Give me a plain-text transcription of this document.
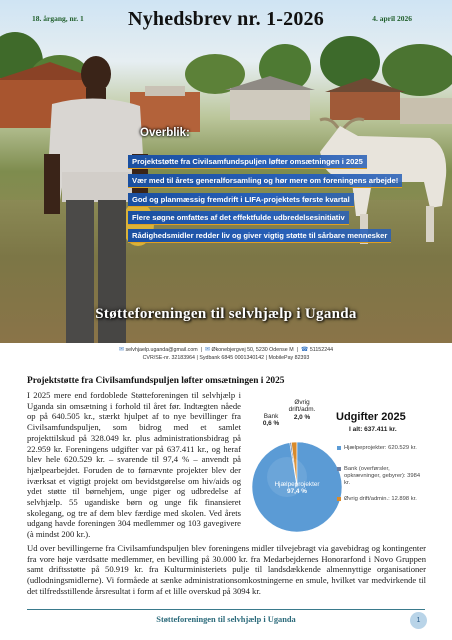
18. årgang, nr. 1	Nyhedsbrev nr. 1-2026	4. april 2026
Overblik:
Projektstøtte fra Civilsamfundspuljen løfter omsætningen i 2025
Vær med til årets generalforsamling og hør mere om foreningens arbejde!
God og planmæssig fremdrift i LIFA-projektets første kvartal
Flere søgne omfattes af det effektfulde udbredelsesinitiativ
Rådighedsmidler redder liv og giver vigtig støtte til sårbare mennesker
Støtteforeningen til selvhjælp i Uganda
✉ selvhjaelp.uganda@gmail.com  |  ✉ Økonebjergvej 50, 5230 Odense M  |  ☎ 51152244
CVR/SE-nr. 32183964 | Sydbank 6845 0001340142 | MobilePay 82393
Projektstøtte fra Civilsamfundspuljen løfter omsætningen i 2025
I 2025 mere end fordoblede Støtteforeningen til selvhjælp i Uganda sin omsætning i forhold til året før. Indtægten nåede op på 640.505 kr., stærkt hjulpet af to nye bevillinger fra Civilsamfundspuljen, som bidrog med et samlet projekttilskud på 328.049 kr. plus administrationsbidrag på 22.959 kr. Foreningens udgifter var på 637.411 kr., og heraf blev hele 620.529 kr. – svarende til 97,4 % – anvendt på hjælpearbejdet. Foruden de to førnævnte projekter blev der iværksat et vigtigt projekt om bevidstgørelse om hiv/aids og ydet støtte til børnehjem, unge piger og udbredelse af selvhjælp. 55 ugandiske børn og unge fik finansieret skolegang, og tre af dem blev færdige med skolen. Ved årets udgang havde foreningen 304 medlemmer og 103 gavegivere (à mindst 200 kr.).
Udgifter 2025
I alt: 637.411 kr.
Hjælpeprojekter: 620.529 kr.
Bank (overførsler, opkrævninger, gebyrer): 3984 kr.
Øvrig drift/admin.: 12.898 kr.
Bank
0,6 %
Øvrig drift/adm.
2,0 %
Hjælpeprojekter
97,4 %
Ud over bevillingerne fra Civilsamfundspuljen blev foreningens midler tilvejebragt via gavebidrag og kontingenter fra vore høje værdsatte medlemmer, en bevilling på 30.000 kr. fra Medarbejdernes Honorarfond i Novo Gruppen samt driftsstøtte på 50.919 kr. fra Kulturministeriets pulje til landsdækkende almennyttige organisationer (udlodningsmidlerne). Vi formåede at sænke administrationsomkostningerne en smule, hvilket var medvirkende til det tilfredsstillende årsresultat i form af et lille overskud på 3094 kr.
Støtteforeningen til selvhjælp i Uganda	1
